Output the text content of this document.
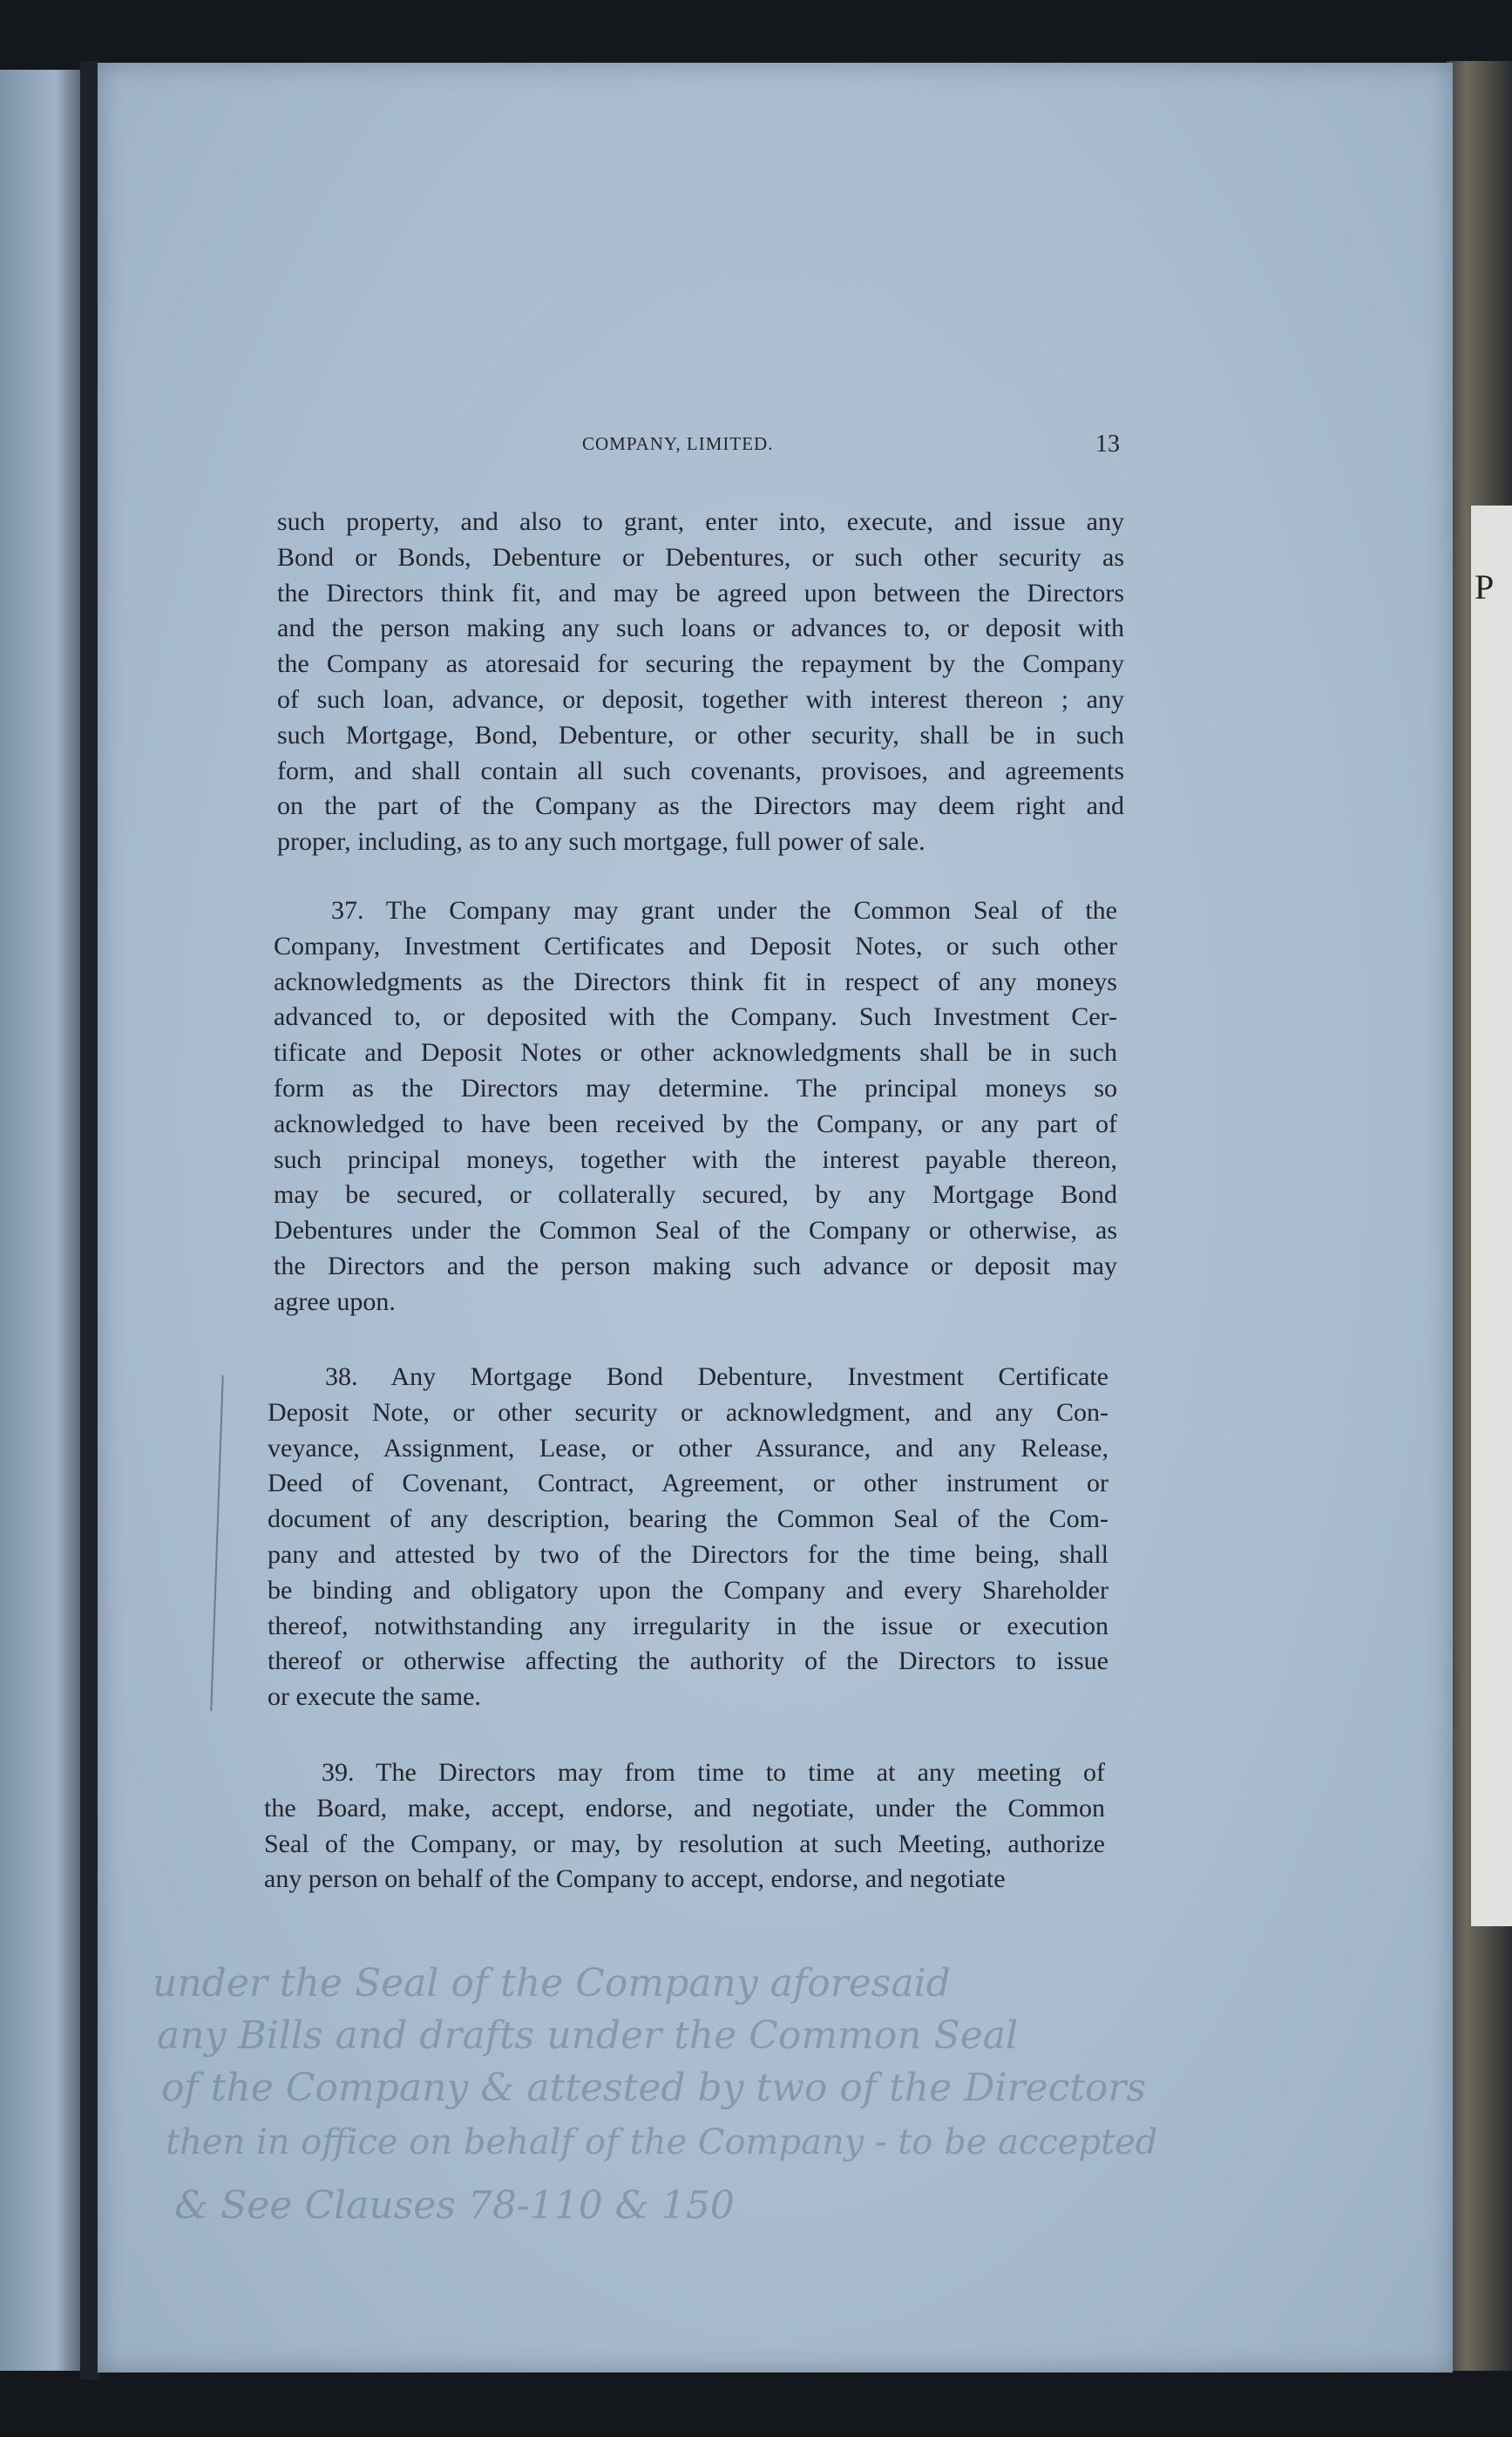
P
COMPANY, LIMITED.	13
such property, and also to grant, enter into, execute, and issue any
Bond or Bonds, Debenture or Debentures, or such other security as
the Directors think fit, and may be agreed upon between the Directors
and the person making any such loans or advances to, or deposit with
the Company as atoresaid for securing the repayment by the Company
of such loan, advance, or deposit, together with interest thereon ; any
such Mortgage, Bond, Debenture, or other security, shall be in such
form, and shall contain all such covenants, provisoes, and agreements
on the part of the Company as the Directors may deem right and
proper, including, as to any such mortgage, full power of sale.
37. The Company may grant under the Common Seal of the
Company, Investment Certificates and Deposit Notes, or such other
acknowledgments as the Directors think fit in respect of any moneys
advanced to, or deposited with the Company. Such Investment Cer-
tificate and Deposit Notes or other acknowledgments shall be in such
form as the Directors may determine. The principal moneys so
acknowledged to have been received by the Company, or any part of
such principal moneys, together with the interest payable thereon,
may be secured, or collaterally secured, by any Mortgage Bond
Debentures under the Common Seal of the Company or otherwise, as
the Directors and the person making such advance or deposit may
agree upon.
38. Any Mortgage Bond Debenture, Investment Certificate
Deposit Note, or other security or acknowledgment, and any Con-
veyance, Assignment, Lease, or other Assurance, and any Release,
Deed of Covenant, Contract, Agreement, or other instrument or
document of any description, bearing the Common Seal of the Com-
pany and attested by two of the Directors for the time being, shall
be binding and obligatory upon the Company and every Shareholder
thereof, notwithstanding any irregularity in the issue or execution
thereof or otherwise affecting the authority of the Directors to issue
or execute the same.
39. The Directors may from time to time at any meeting of
the Board, make, accept, endorse, and negotiate, under the Common
Seal of the Company, or may, by resolution at such Meeting, authorize
any person on behalf of the Company to accept, endorse, and negotiate
under the Seal of the Company aforesaid
any Bills and drafts under the Common Seal
of the Company & attested by two of the Directors
then in office on behalf of the Company - to be accepted
& See Clauses 78-110 & 150
